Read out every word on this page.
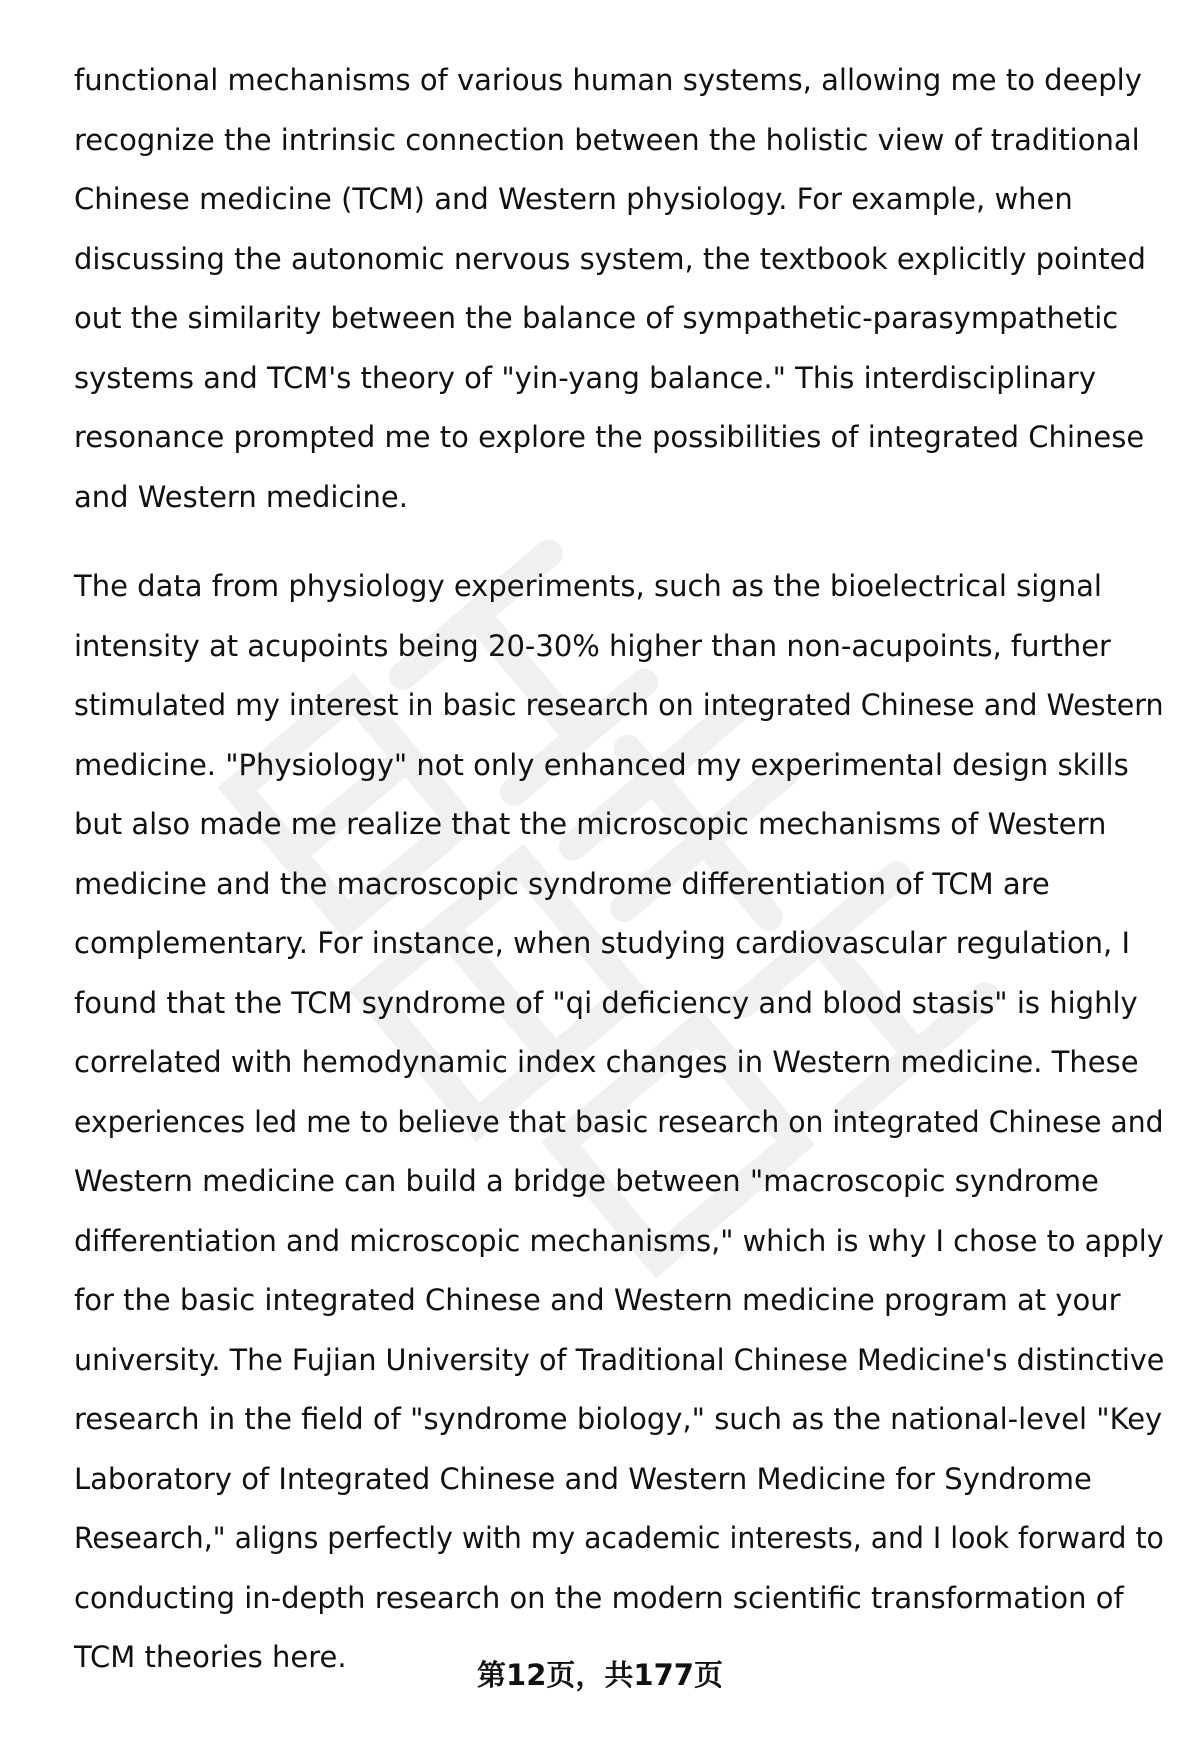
functional mechanisms of various human systems, allowing me to deeply
recognize the intrinsic connection between the holistic view of traditional
Chinese medicine (TCM) and Western physiology. For example, when
discussing the autonomic nervous system, the textbook explicitly pointed
out the similarity between the balance of sympathetic-parasympathetic
systems and TCM's theory of "yin-yang balance." This interdisciplinary
resonance prompted me to explore the possibilities of integrated Chinese
and Western medicine.

The data from physiology experiments, such as the bioelectrical signal
intensity at acupoints being 20-30% higher than non-acupoints, further
stimulated my interest in basic research on integrated Chinese and Western
medicine. "Physiology" not only enhanced my experimental design skills
but also made me realize that the microscopic mechanisms of Western
medicine and the macroscopic syndrome differentiation of TCM are
complementary. For instance, when studying cardiovascular regulation, I
found that the TCM syndrome of "qi deficiency and blood stasis" is highly
correlated with hemodynamic index changes in Western medicine. These
experiences led me to believe that basic research on integrated Chinese and
Western medicine can build a bridge between "macroscopic syndrome
differentiation and microscopic mechanisms," which is why I chose to apply
for the basic integrated Chinese and Western medicine program at your
university. The Fujian University of Traditional Chinese Medicine's distinctive
research in the field of "syndrome biology," such as the national-level "Key
Laboratory of Integrated Chinese and Western Medicine for Syndrome
Research," aligns perfectly with my academic interests, and I look forward to
conducting in-depth research on the modern scientific transformation of
TCM theories here.

第12页，共177页
